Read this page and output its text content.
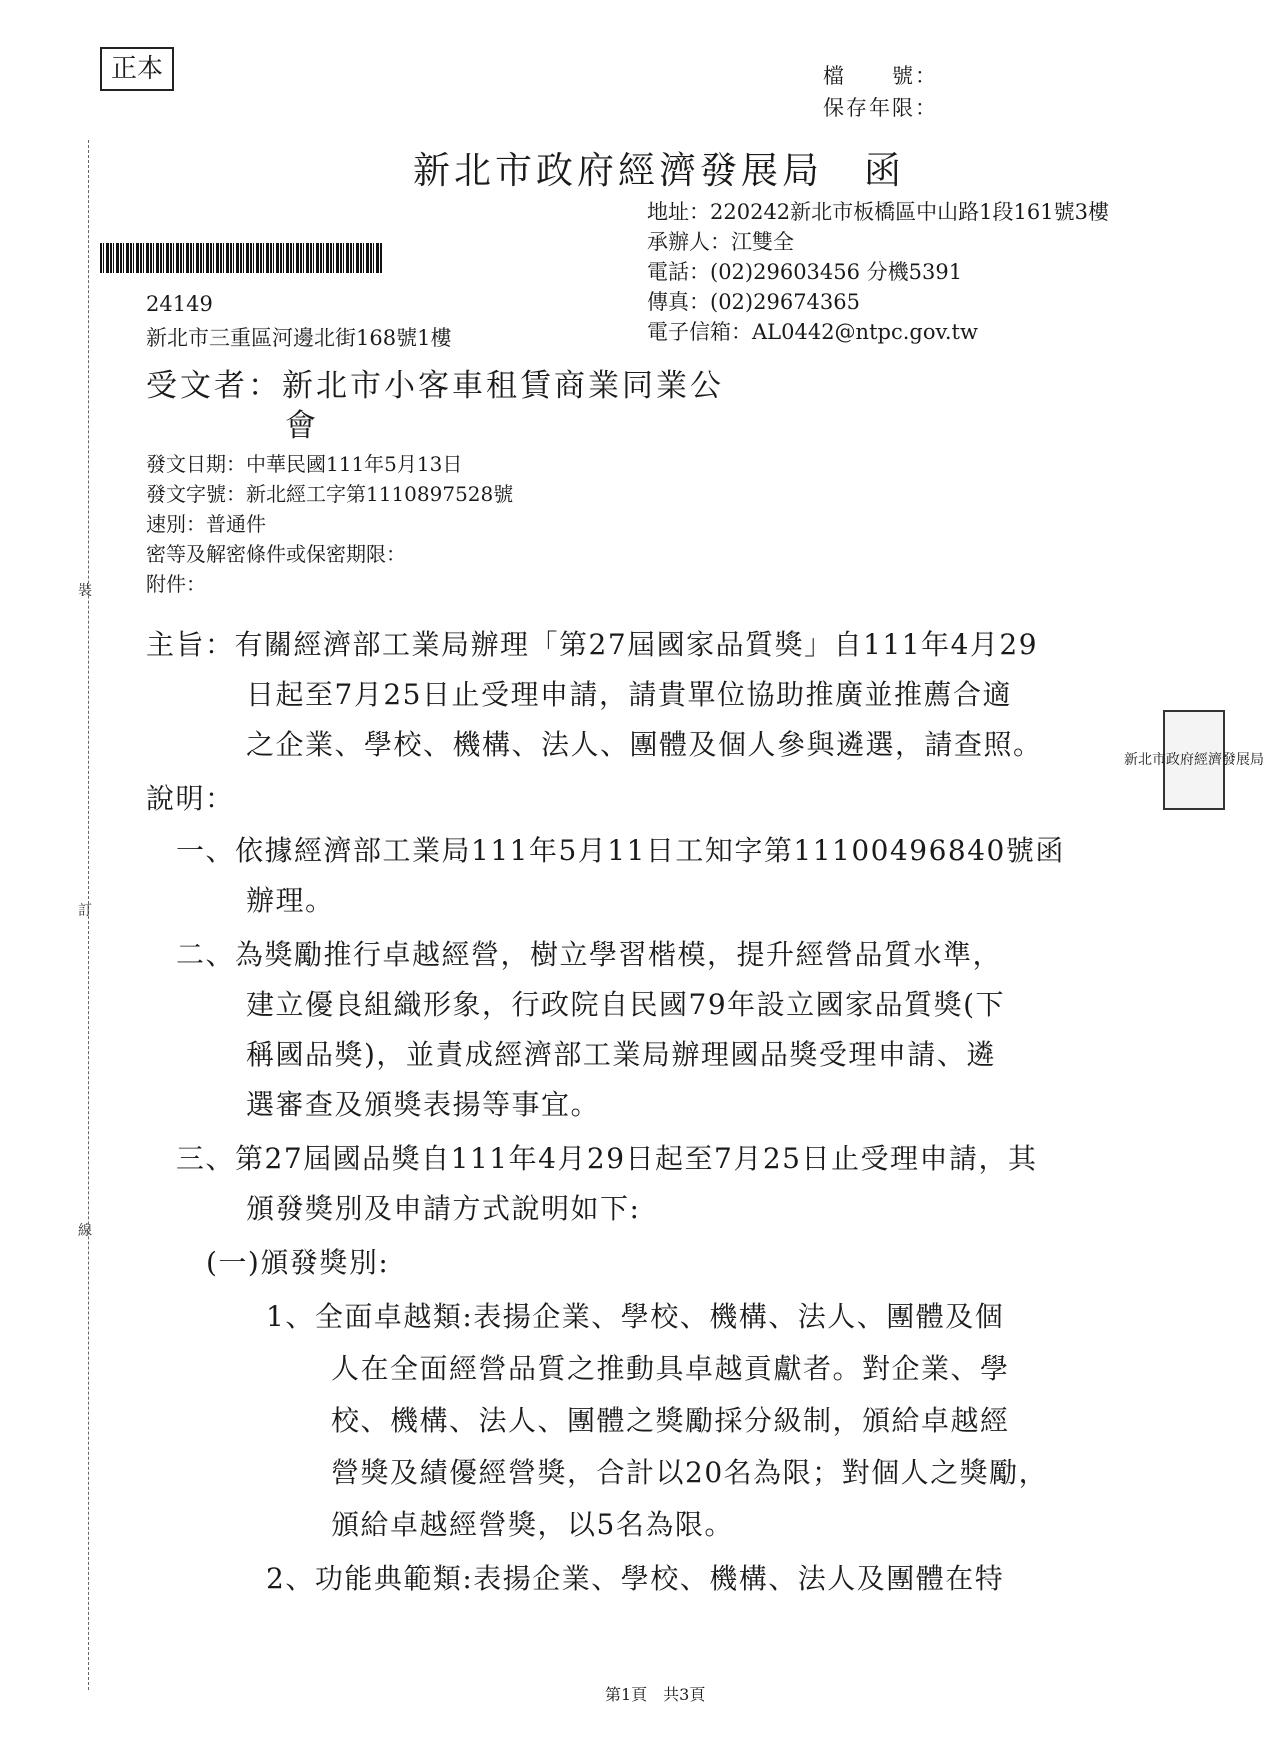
正本	檔　　號：
保存年限：
新北市政府經濟發展局　函
地址：220242新北市板橋區中山路1段161號3樓
承辦人：江雙全
電話：(02)29603456 分機5391
傳真：(02)29674365
電子信箱：AL0442@ntpc.gov.tw
24149
新北市三重區河邊北街168號1樓
受文者：新北市小客車租賃商業同業公
會
發文日期：中華民國111年5月13日
發文字號：新北經工字第1110897528號
速別：普通件
密等及解密條件或保密期限：
附件：
主旨：有關經濟部工業局辦理「第27屆國家品質獎」自111年4月29
日起至7月25日止受理申請，請貴單位協助推廣並推薦合適
之企業、學校、機構、法人、團體及個人參與遴選，請查照。
說明：
一、依據經濟部工業局111年5月11日工知字第11100496840號函
辦理。
二、為獎勵推行卓越經營，樹立學習楷模，提升經營品質水準，
建立優良組織形象，行政院自民國79年設立國家品質獎(下
稱國品獎)，並責成經濟部工業局辦理國品獎受理申請、遴
選審查及頒獎表揚等事宜。
三、第27屆國品獎自111年4月29日起至7月25日止受理申請，其
頒發獎別及申請方式說明如下:
(一)頒發獎別:
1、全面卓越類:表揚企業、學校、機構、法人、團體及個
人在全面經營品質之推動具卓越貢獻者。對企業、學
校、機構、法人、團體之獎勵採分級制，頒給卓越經
營獎及績優經營獎，合計以20名為限；對個人之獎勵，
頒給卓越經營獎，以5名為限。
2、功能典範類:表揚企業、學校、機構、法人及團體在特
裝
訂
線
新北市政府經濟發展局
第1頁　共3頁
